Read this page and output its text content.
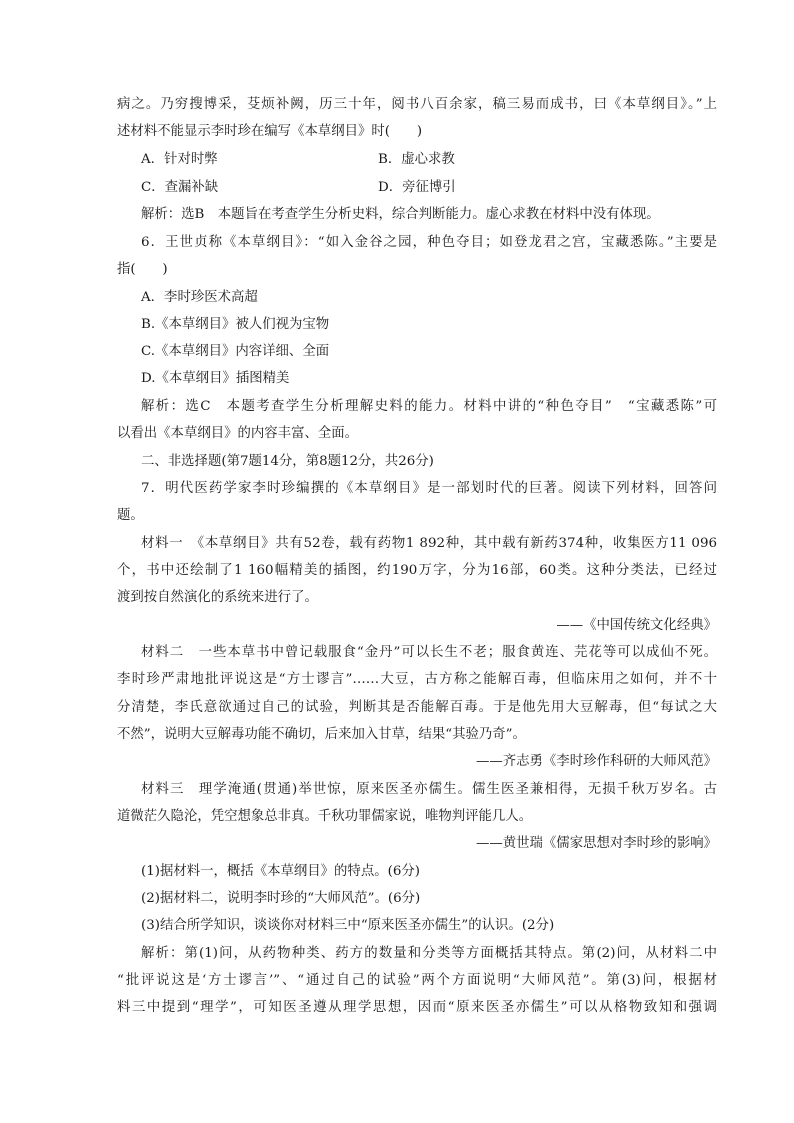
病之。乃穷搜博采，芟烦补阙，历三十年，阅书八百余家，稿三易而成书，曰《本草纲目》。”上
述材料不能显示李时珍在编写《本草纲目》时(　　)
A．针对时弊	B．虚心求教
C．查漏补缺	D．旁征博引
解析：选B　本题旨在考查学生分析史料，综合判断能力。虚心求教在材料中没有体现。
6．王世贞称《本草纲目》：“如入金谷之园，种色夺目；如登龙君之宫，宝藏悉陈。”主要是
指(　　)
A．李时珍医术高超
B.《本草纲目》被人们视为宝物
C.《本草纲目》内容详细、全面
D.《本草纲目》插图精美
解析：选C　本题考查学生分析理解史料的能力。材料中讲的“种色夺目”　“宝藏悉陈”可
以看出《本草纲目》的内容丰富、全面。
二、非选择题(第7题14分，第8题12分，共26分)
7．明代医药学家李时珍编撰的《本草纲目》是一部划时代的巨著。阅读下列材料，回答问
题。
材料一　《本草纲目》共有52卷，载有药物1 892种，其中载有新药374种，收集医方11 096
个，书中还绘制了1 160幅精美的插图，约190万字，分为16部，60类。这种分类法，已经过
渡到按自然演化的系统来进行了。
——《中国传统文化经典》
材料二　一些本草书中曾记载服食“金丹”可以长生不老；服食黄连、芫花等可以成仙不死。
李时珍严肃地批评说这是“方士谬言”……大豆，古方称之能解百毒，但临床用之如何，并不十
分清楚，李氏意欲通过自己的试验，判断其是否能解百毒。于是他先用大豆解毒，但“每试之大
不然”，说明大豆解毒功能不确切，后来加入甘草，结果“其验乃奇”。
——齐志勇《李时珍作科研的大师风范》
材料三　理学淹通(贯通)举世惊，原来医圣亦儒生。儒生医圣兼相得，无损千秋万岁名。古
道微茫久隐沦，凭空想象总非真。千秋功罪儒家说，唯物判评能几人。
——黄世瑞《儒家思想对李时珍的影响》
(1)据材料一，概括《本草纲目》的特点。(6分)
(2)据材料二，说明李时珍的“大师风范”。(6分)
(3)结合所学知识，谈谈你对材料三中“原来医圣亦儒生”的认识。(2分)
解析：第(1)问，从药物种类、药方的数量和分类等方面概括其特点。第(2)问，从材料二中
“批评说这是‘方士谬言’”、“通过自己的试验”两个方面说明“大师风范”。第(3)问，根据材
料三中提到“理学”，可知医圣遵从理学思想，因而“原来医圣亦儒生”可以从格物致知和强调
